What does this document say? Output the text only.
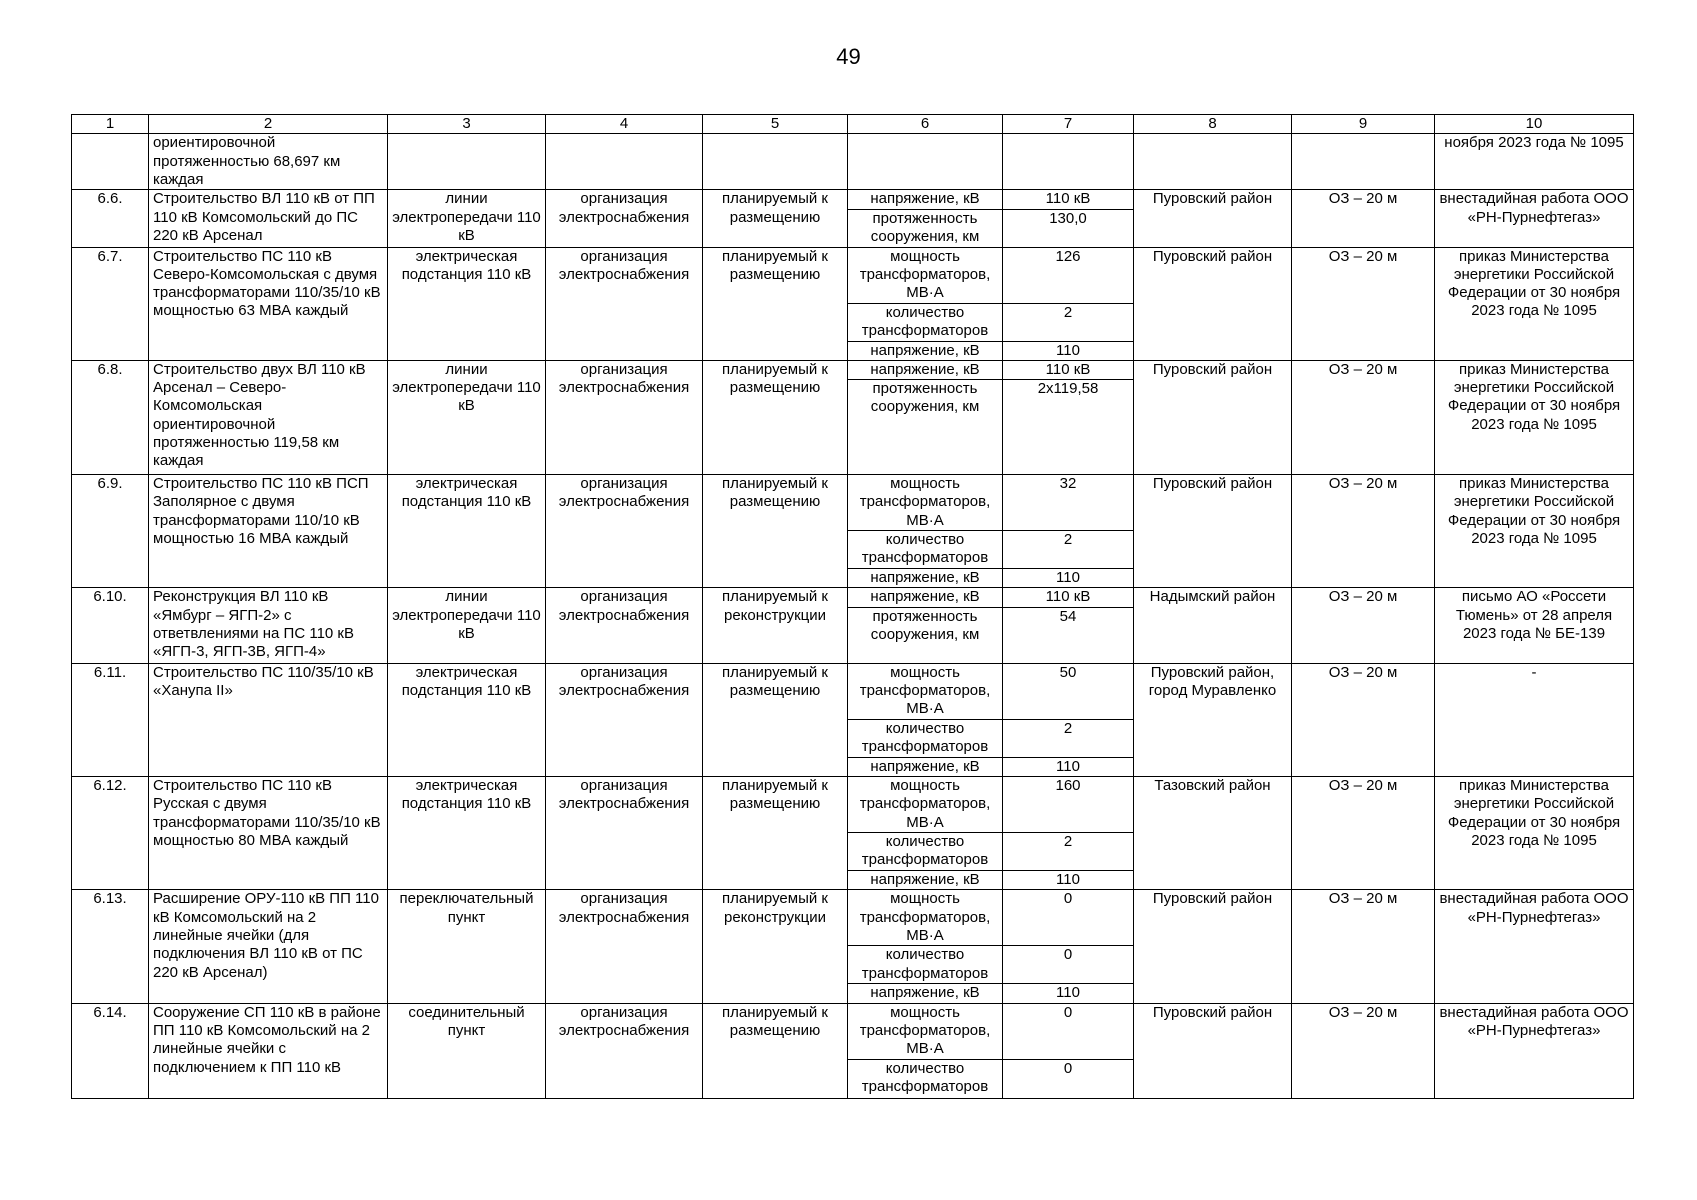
49
1	2	3	4	5	6	7	8	9	10
	ориентировочной протяженностью 68,697 км каждая								ноября 2023 года № 1095
6.6.	Строительство ВЛ 110 кВ от ПП 110 кВ Комсомольский до ПС 220 кВ Арсенал	линии электропередачи 110 кВ	организация электроснабжения	планируемый к размещению	напряжение, кВ	110 кВ	Пуровский район	ОЗ – 20 м	внестадийная работа ООО «РН-Пурнефтегаз»
					протяженность сооружения, км	130,0			
6.7.	Строительство ПС 110 кВ Северо-Комсомольская с двумя трансформаторами 110/35/10 кВ мощностью 63 МВА каждый	электрическая подстанция 110 кВ	организация электроснабжения	планируемый к размещению	мощность трансформаторов, МВ·А	126	Пуровский район	ОЗ – 20 м	приказ Министерства энергетики Российской Федерации от 30 ноября 2023 года № 1095
					количество трансформаторов	2			
					напряжение, кВ	110			
6.8.	Строительство двух ВЛ 110 кВ Арсенал – Северо-Комсомольская ориентировочной протяженностью 119,58 км каждая	линии электропередачи 110 кВ	организация электроснабжения	планируемый к размещению	напряжение, кВ	110 кВ	Пуровский район	ОЗ – 20 м	приказ Министерства энергетики Российской Федерации от 30 ноября 2023 года № 1095
					протяженность сооружения, км	2x119,58			
6.9.	Строительство ПС 110 кВ ПСП Заполярное с двумя трансформаторами 110/10 кВ мощностью 16 МВА каждый	электрическая подстанция 110 кВ	организация электроснабжения	планируемый к размещению	мощность трансформаторов, МВ·А	32	Пуровский район	ОЗ – 20 м	приказ Министерства энергетики Российской Федерации от 30 ноября 2023 года № 1095
					количество трансформаторов	2			
					напряжение, кВ	110			
6.10.	Реконструкция ВЛ 110 кВ «Ямбург – ЯГП-2» с ответвлениями на ПС 110 кВ «ЯГП-3, ЯГП-3В, ЯГП-4»	линии электропередачи 110 кВ	организация электроснабжения	планируемый к реконструкции	напряжение, кВ	110 кВ	Надымский район	ОЗ – 20 м	письмо АО «Россети Тюмень» от 28 апреля 2023 года № БЕ-139
					протяженность сооружения, км	54			
6.11.	Строительство ПС 110/35/10 кВ «Ханупа II»	электрическая подстанция 110 кВ	организация электроснабжения	планируемый к размещению	мощность трансформаторов, МВ·А	50	Пуровский район, город Муравленко	ОЗ – 20 м	-
					количество трансформаторов	2			
					напряжение, кВ	110			
6.12.	Строительство ПС 110 кВ Русская с двумя трансформаторами 110/35/10 кВ мощностью 80 МВА каждый	электрическая подстанция 110 кВ	организация электроснабжения	планируемый к размещению	мощность трансформаторов, МВ·А	160	Тазовский район	ОЗ – 20 м	приказ Министерства энергетики Российской Федерации от 30 ноября 2023 года № 1095
					количество трансформаторов	2			
					напряжение, кВ	110			
6.13.	Расширение ОРУ-110 кВ ПП 110 кВ Комсомольский на 2 линейные ячейки (для подключения ВЛ 110 кВ от ПС 220 кВ Арсенал)	переключательный пункт	организация электроснабжения	планируемый к реконструкции	мощность трансформаторов, МВ·А	0	Пуровский район	ОЗ – 20 м	внестадийная работа ООО «РН-Пурнефтегаз»
					количество трансформаторов	0			
					напряжение, кВ	110			
6.14.	Сооружение СП 110 кВ в районе ПП 110 кВ Комсомольский на 2 линейные ячейки с подключением к ПП 110 кВ	соединительный пункт	организация электроснабжения	планируемый к размещению	мощность трансформаторов, МВ·А	0	Пуровский район	ОЗ – 20 м	внестадийная работа ООО «РН-Пурнефтегаз»
					количество трансформаторов	0			
